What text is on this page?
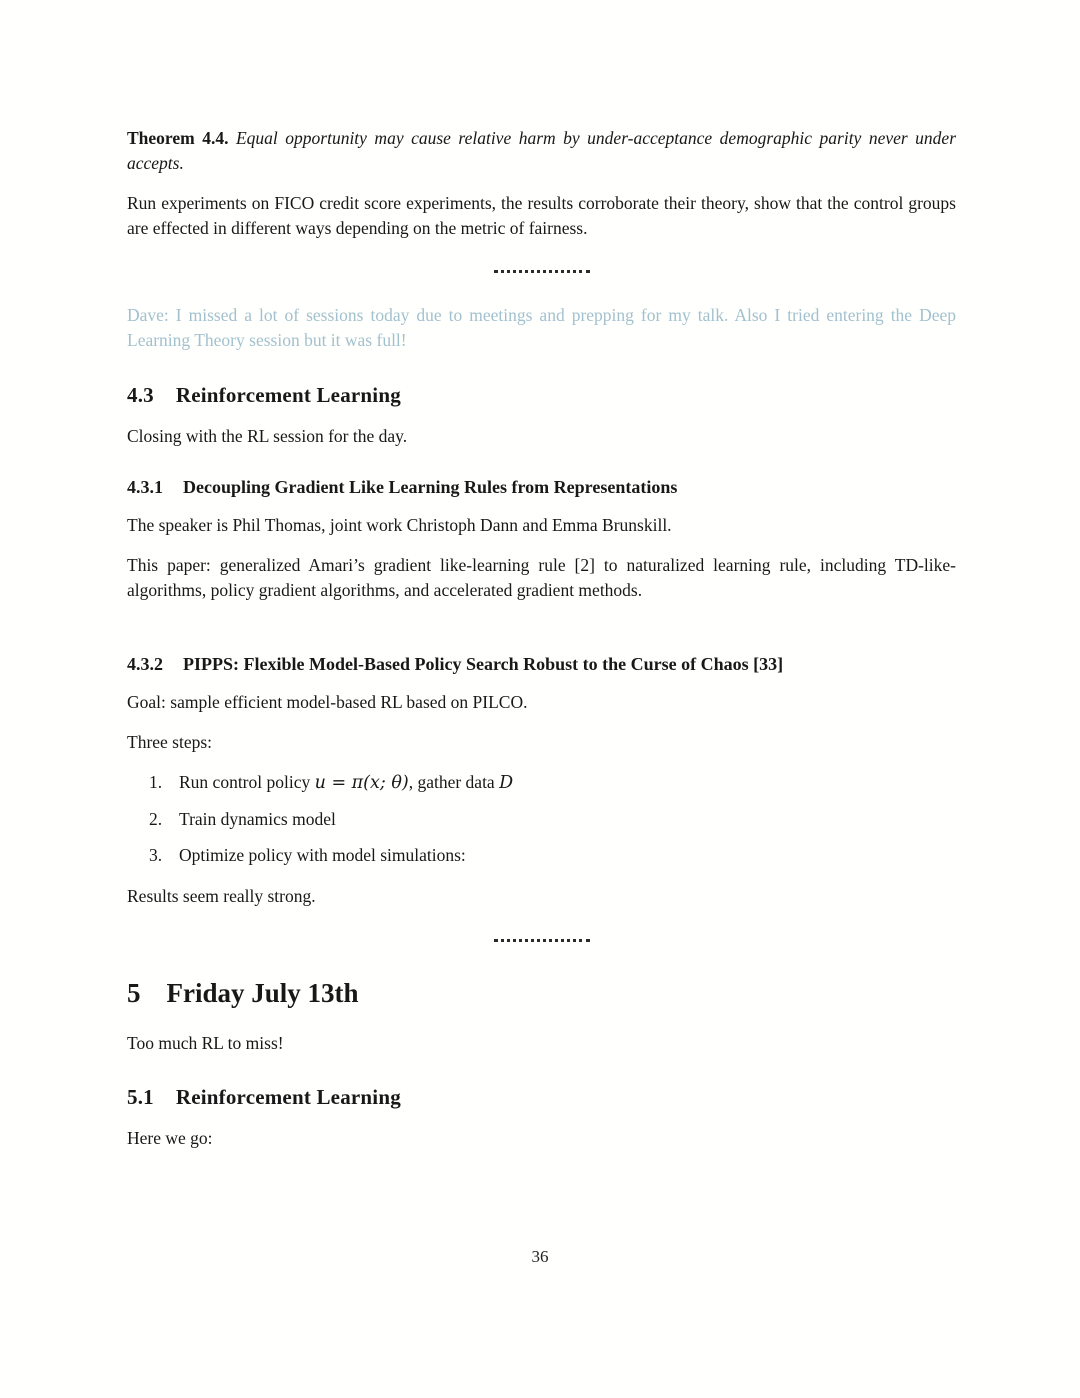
Theorem 4.4. Equal opportunity may cause relative harm by under-acceptance demographic parity never under accepts.

Run experiments on FICO credit score experiments, the results corroborate their theory, show that the control groups are effected in different ways depending on the metric of fairness.

Dave: I missed a lot of sessions today due to meetings and prepping for my talk. Also I tried entering the Deep Learning Theory session but it was full!

4.3 Reinforcement Learning

Closing with the RL session for the day.

4.3.1 Decoupling Gradient Like Learning Rules from Representations

The speaker is Phil Thomas, joint work Christoph Dann and Emma Brunskill.

This paper: generalized Amari’s gradient like-learning rule [2] to naturalized learning rule, including TD-like-algorithms, policy gradient algorithms, and accelerated gradient methods.

4.3.2 PIPPS: Flexible Model-Based Policy Search Robust to the Curse of Chaos [33]

Goal: sample efficient model-based RL based on PILCO.

Three steps:

1. Run control policy u = π(x; θ), gather data D
2. Train dynamics model
3. Optimize policy with model simulations:

Results seem really strong.

5 Friday July 13th

Too much RL to miss!

5.1 Reinforcement Learning

Here we go:

36
